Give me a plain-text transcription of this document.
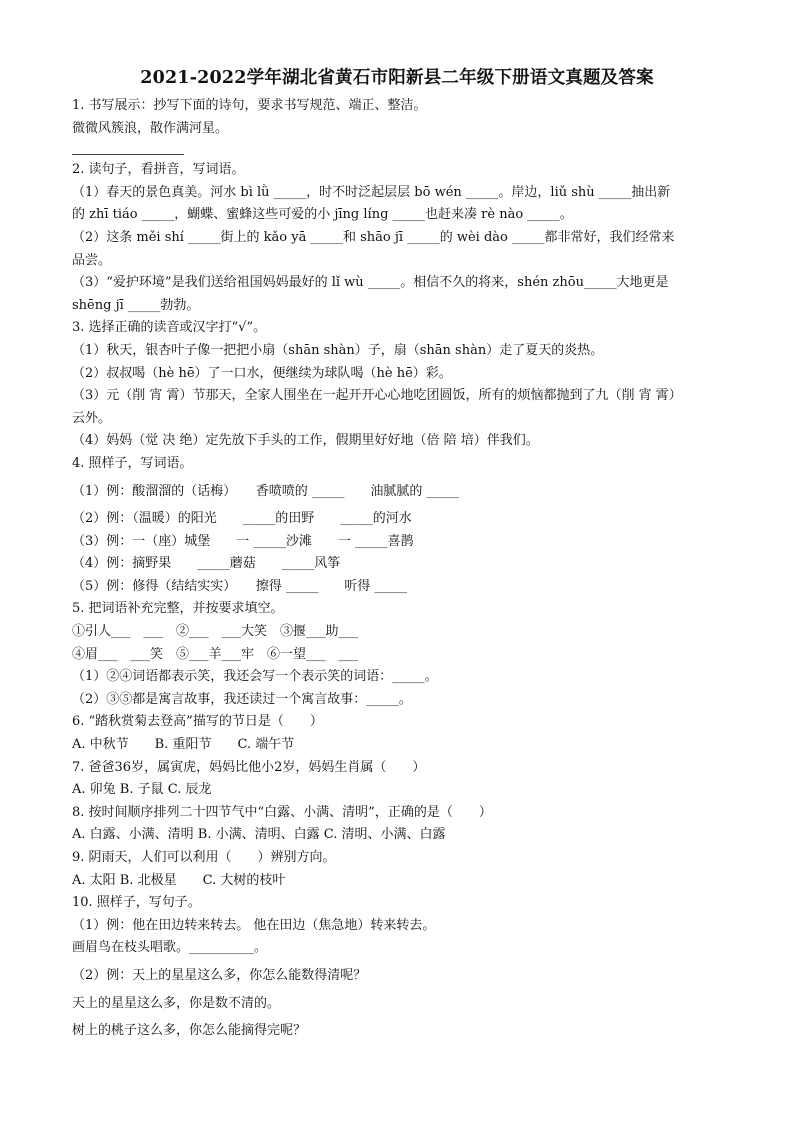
2021-2022学年湖北省黄石市阳新县二年级下册语文真题及答案

1. 书写展示：抄写下面的诗句，要求书写规范、端正、整洁。

微微风簇浪，散作满河星。

2. 读句子，看拼音，写词语。

（1）春天的景色真美。河水 bì lǜ _____，时不时泛起层层 bō wén _____。岸边，liǔ shù _____抽出新

的 zhī tiáo _____，蝴蝶、蜜蜂这些可爱的小 jīng líng _____也赶来凑 rè nào _____。

（2）这条 měi shí _____街上的 kǎo yā _____和 shāo jī _____的 wèi dào _____都非常好，我们经常来

品尝。

（3）“爱护环境”是我们送给祖国妈妈最好的 lǐ wù _____。相信不久的将来，shén zhōu_____大地更是

shēng jī _____勃勃。

3. 选择正确的读音或汉字打“√”。

（1）秋天，银杏叶子像一把把小扇（shān shàn）子，扇（shān shàn）走了夏天的炎热。

（2）叔叔喝（hè hē）了一口水，便继续为球队喝（hè hē）彩。

（3）元（削 宵 霄）节那天，全家人围坐在一起开开心心地吃团圆饭，所有的烦恼都抛到了九（削 宵 霄）

云外。

（4）妈妈（觉 决 绝）定先放下手头的工作，假期里好好地（倍 陪 培）伴我们。

4. 照样子，写词语。

（1）例：酸溜溜的（话梅）　　香喷喷的 _____　　油腻腻的 _____

（2）例：（温暖）的阳光　　_____的田野　　_____的河水

（3）例：一（座）城堡　　一 _____沙滩　　一 _____喜鹊

（4）例：摘野果　　_____蘑菇　　_____风筝

（5）例：修得（结结实实）　　擦得 _____　　听得 _____

5. 把词语补充完整，并按要求填空。

①引人___　___　②___　___大笑　③揠___助___

④眉___　___笑　⑤___羊___牢　⑥一望___　___

（1）②④词语都表示笑，我还会写一个表示笑的词语：_____。

（2）③⑤都是寓言故事，我还读过一个寓言故事：_____。

6. “踏秋赏菊去登高”描写的节日是（　　）

A. 中秋节　　B. 重阳节　　C. 端午节

7. 爸爸36岁，属寅虎，妈妈比他小2岁，妈妈生肖属（　　）

A. 卯兔 B. 子鼠 C. 辰龙

8. 按时间顺序排列二十四节气中“白露、小满、清明”，正确的是（　　）

A. 白露、小满、清明 B. 小满、清明、白露 C. 清明、小满、白露

9. 阴雨天，人们可以利用（　　）辨别方向。

A. 太阳 B. 北极星　　C. 大树的枝叶

10. 照样子，写句子。

（1）例：他在田边转来转去。 他在田边（焦急地）转来转去。

画眉鸟在枝头唱歌。__________。

（2）例：天上的星星这么多，你怎么能数得清呢？

天上的星星这么多，你是数不清的。

树上的桃子这么多，你怎么能摘得完呢？
